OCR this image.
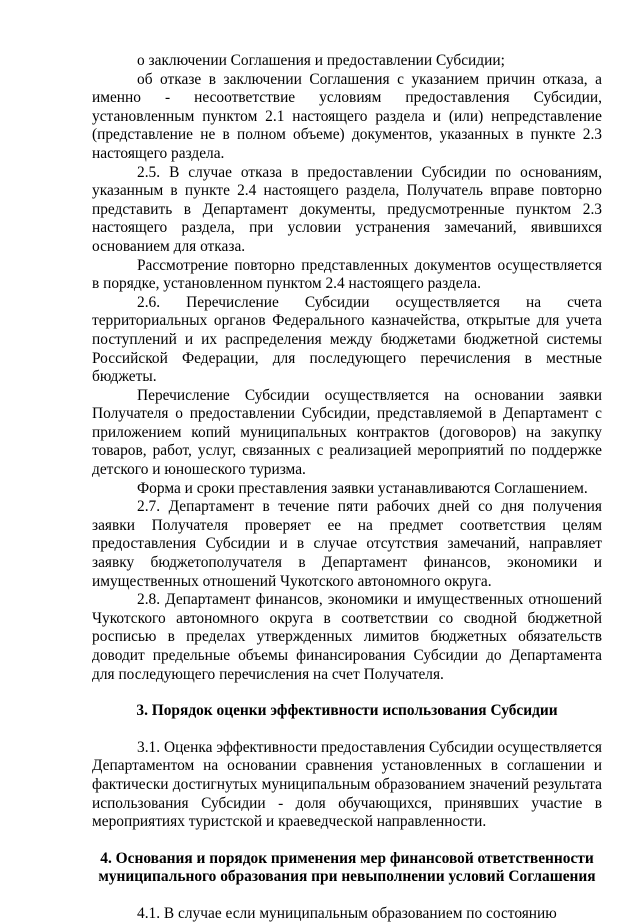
о заключении Соглашения и предоставлении Субсидии;

об отказе в заключении Соглашения с указанием причин отказа, а именно - несоответствие условиям предоставления Субсидии, установленным пунктом 2.1 настоящего раздела и (или) непредставление (представление не в полном объеме) документов, указанных в пункте 2.3 настоящего раздела.

2.5. В случае отказа в предоставлении Субсидии по основаниям, указанным в пункте 2.4 настоящего раздела, Получатель вправе повторно представить в Департамент документы, предусмотренные пунктом 2.3 настоящего раздела, при условии устранения замечаний, явившихся основанием для отказа.

Рассмотрение повторно представленных документов осуществляется в порядке, установленном пунктом 2.4 настоящего раздела.

2.6. Перечисление Субсидии осуществляется на счета территориальных органов Федерального казначейства, открытые для учета поступлений и их распределения между бюджетами бюджетной системы Российской Федерации, для последующего перечисления в местные бюджеты.

Перечисление Субсидии осуществляется на основании заявки Получателя о предоставлении Субсидии, представляемой в Департамент с приложением копий муниципальных контрактов (договоров) на закупку товаров, работ, услуг, связанных с реализацией мероприятий по поддержке детского и юношеского туризма.

Форма и сроки преставления заявки устанавливаются Соглашением.

2.7. Департамент в течение пяти рабочих дней со дня получения заявки Получателя проверяет ее на предмет соответствия целям предоставления Субсидии и в случае отсутствия замечаний, направляет заявку бюджетополучателя в Департамент финансов, экономики и имущественных отношений Чукотского автономного округа.

2.8. Департамент финансов, экономики и имущественных отношений Чукотского автономного округа в соответствии со сводной бюджетной росписью в пределах утвержденных лимитов бюджетных обязательств доводит предельные объемы финансирования Субсидии до Департамента для последующего перечисления на счет Получателя.

3. Порядок оценки эффективности использования Субсидии

3.1. Оценка эффективности предоставления Субсидии осуществляется Департаментом на основании сравнения установленных в соглашении и фактически достигнутых муниципальным образованием значений результата использования Субсидии - доля обучающихся, принявших участие в мероприятиях туристской и краеведческой направленности.

4. Основания и порядок применения мер финансовой ответственности муниципального образования при невыполнении условий Соглашения

4.1. В случае если муниципальным образованием по состоянию
